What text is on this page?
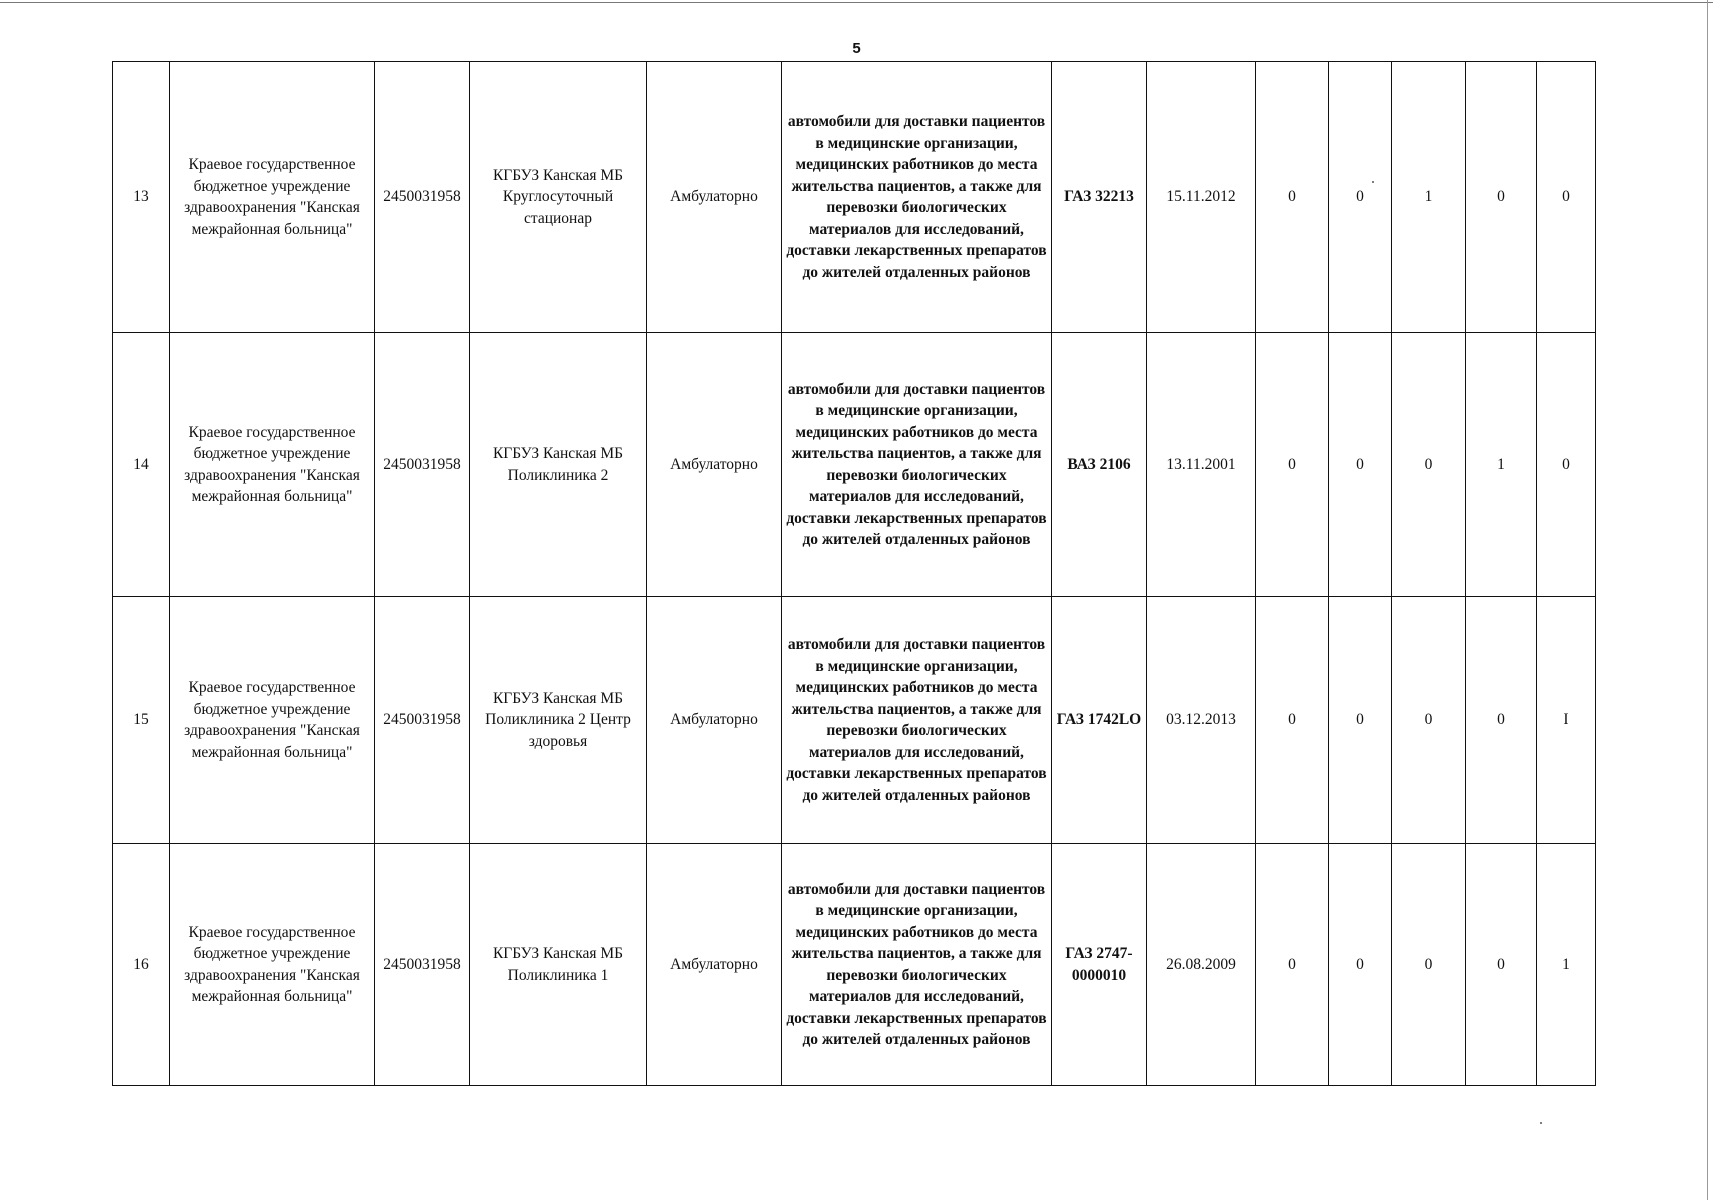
5
13	Краевое государственное бюджетное учреждение здравоохранения "Канская межрайонная больница"	2450031958	КГБУЗ Канская МБ Круглосуточный стационар	Амбулаторно	автомобили для доставки пациентов в медицинские организации, медицинских работников до места жительства пациентов, а также для перевозки биологических материалов для исследований, доставки лекарственных препаратов до жителей отдаленных районов	ГАЗ 32213	15.11.2012	0	0	1	0	0
14	Краевое государственное бюджетное учреждение здравоохранения "Канская межрайонная больница"	2450031958	КГБУЗ Канская МБ Поликлиника 2	Амбулаторно	автомобили для доставки пациентов в медицинские организации, медицинских работников до места жительства пациентов, а также для перевозки биологических материалов для исследований, доставки лекарственных препаратов до жителей отдаленных районов	ВАЗ 2106	13.11.2001	0	0	0	1	0
15	Краевое государственное бюджетное учреждение здравоохранения "Канская межрайонная больница"	2450031958	КГБУЗ Канская МБ Поликлиника 2 Центр здоровья	Амбулаторно	автомобили для доставки пациентов в медицинские организации, медицинских работников до места жительства пациентов, а также для перевозки биологических материалов для исследований, доставки лекарственных препаратов до жителей отдаленных районов	ГАЗ 1742LO	03.12.2013	0	0	0	0	I
16	Краевое государственное бюджетное учреждение здравоохранения "Канская межрайонная больница"	2450031958	КГБУЗ Канская МБ Поликлиника 1	Амбулаторно	автомобили для доставки пациентов в медицинские организации, медицинских работников до места жительства пациентов, а также для перевозки биологических материалов для исследований, доставки лекарственных препаратов до жителей отдаленных районов	ГАЗ 2747-0000010	26.08.2009	0	0	0	0	1
